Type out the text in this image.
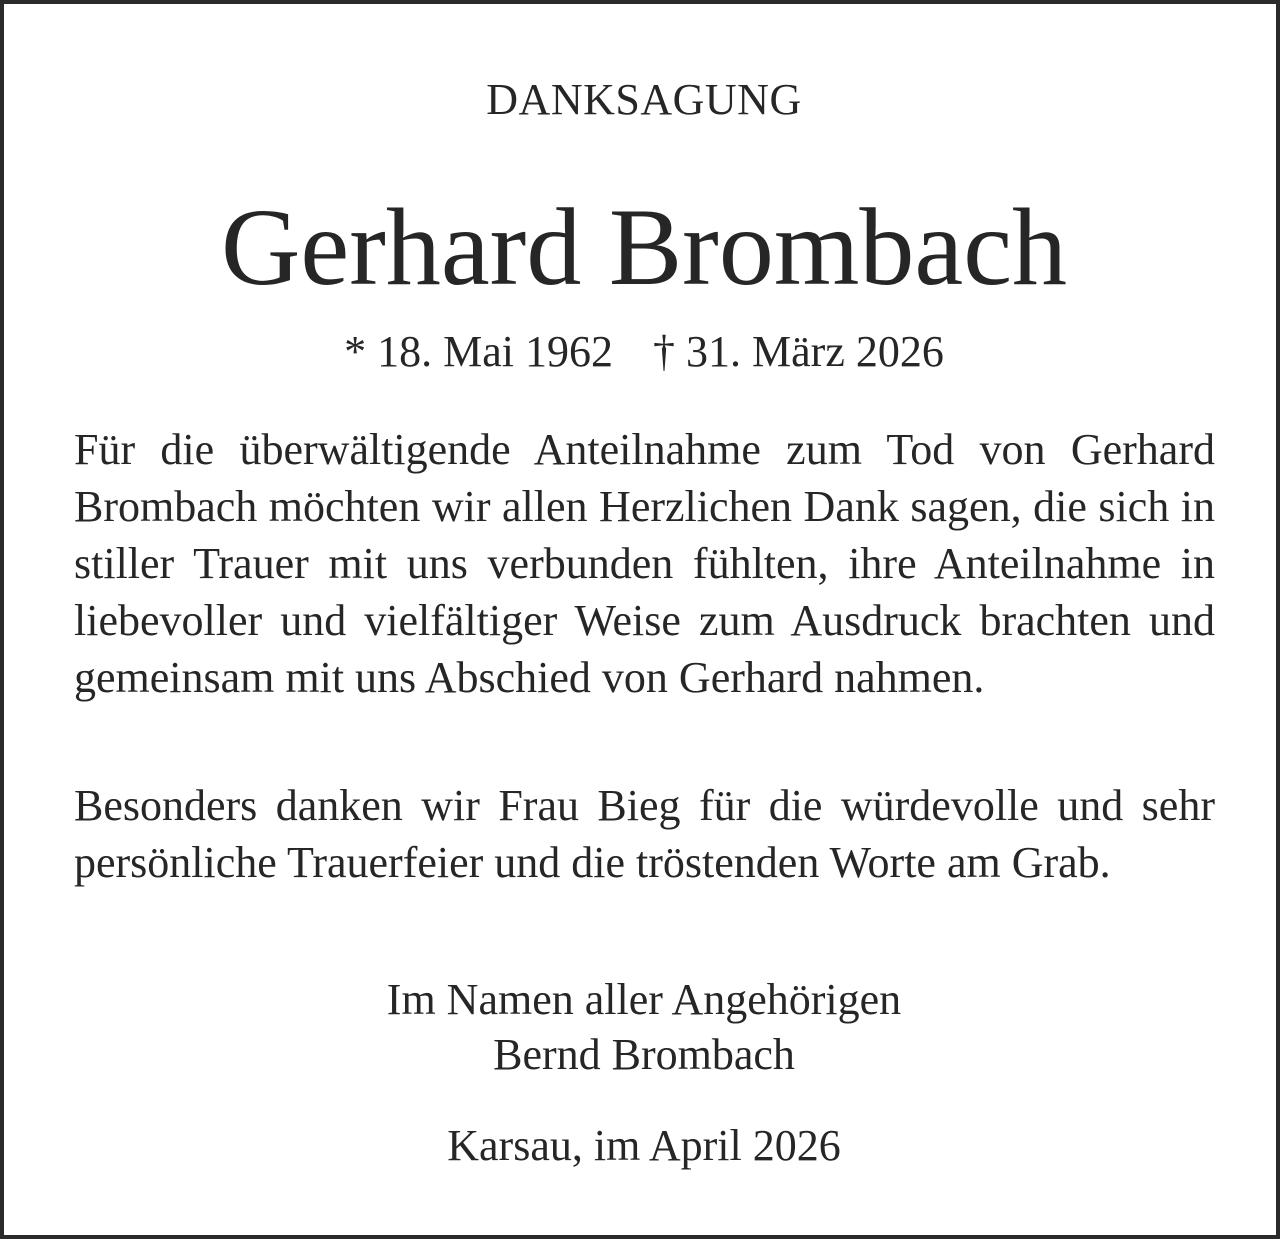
DANKSAGUNG
Gerhard Brombach
* 18. Mai 1962 † 31. März 2026

Für die überwältigende Anteilnahme zum Tod von Gerhard Brombach möchten wir allen Herzlichen Dank sagen, die sich in stiller Trauer mit uns verbunden fühlten, ihre Anteilnahme in liebevoller und vielfältiger Weise zum Ausdruck brachten und gemeinsam mit uns Abschied von Gerhard nahmen.

Besonders danken wir Frau Bieg für die würdevolle und sehr persönliche Trauerfeier und die tröstenden Worte am Grab.

Im Namen aller Angehörigen
Bernd Brombach
Karsau, im April 2026
